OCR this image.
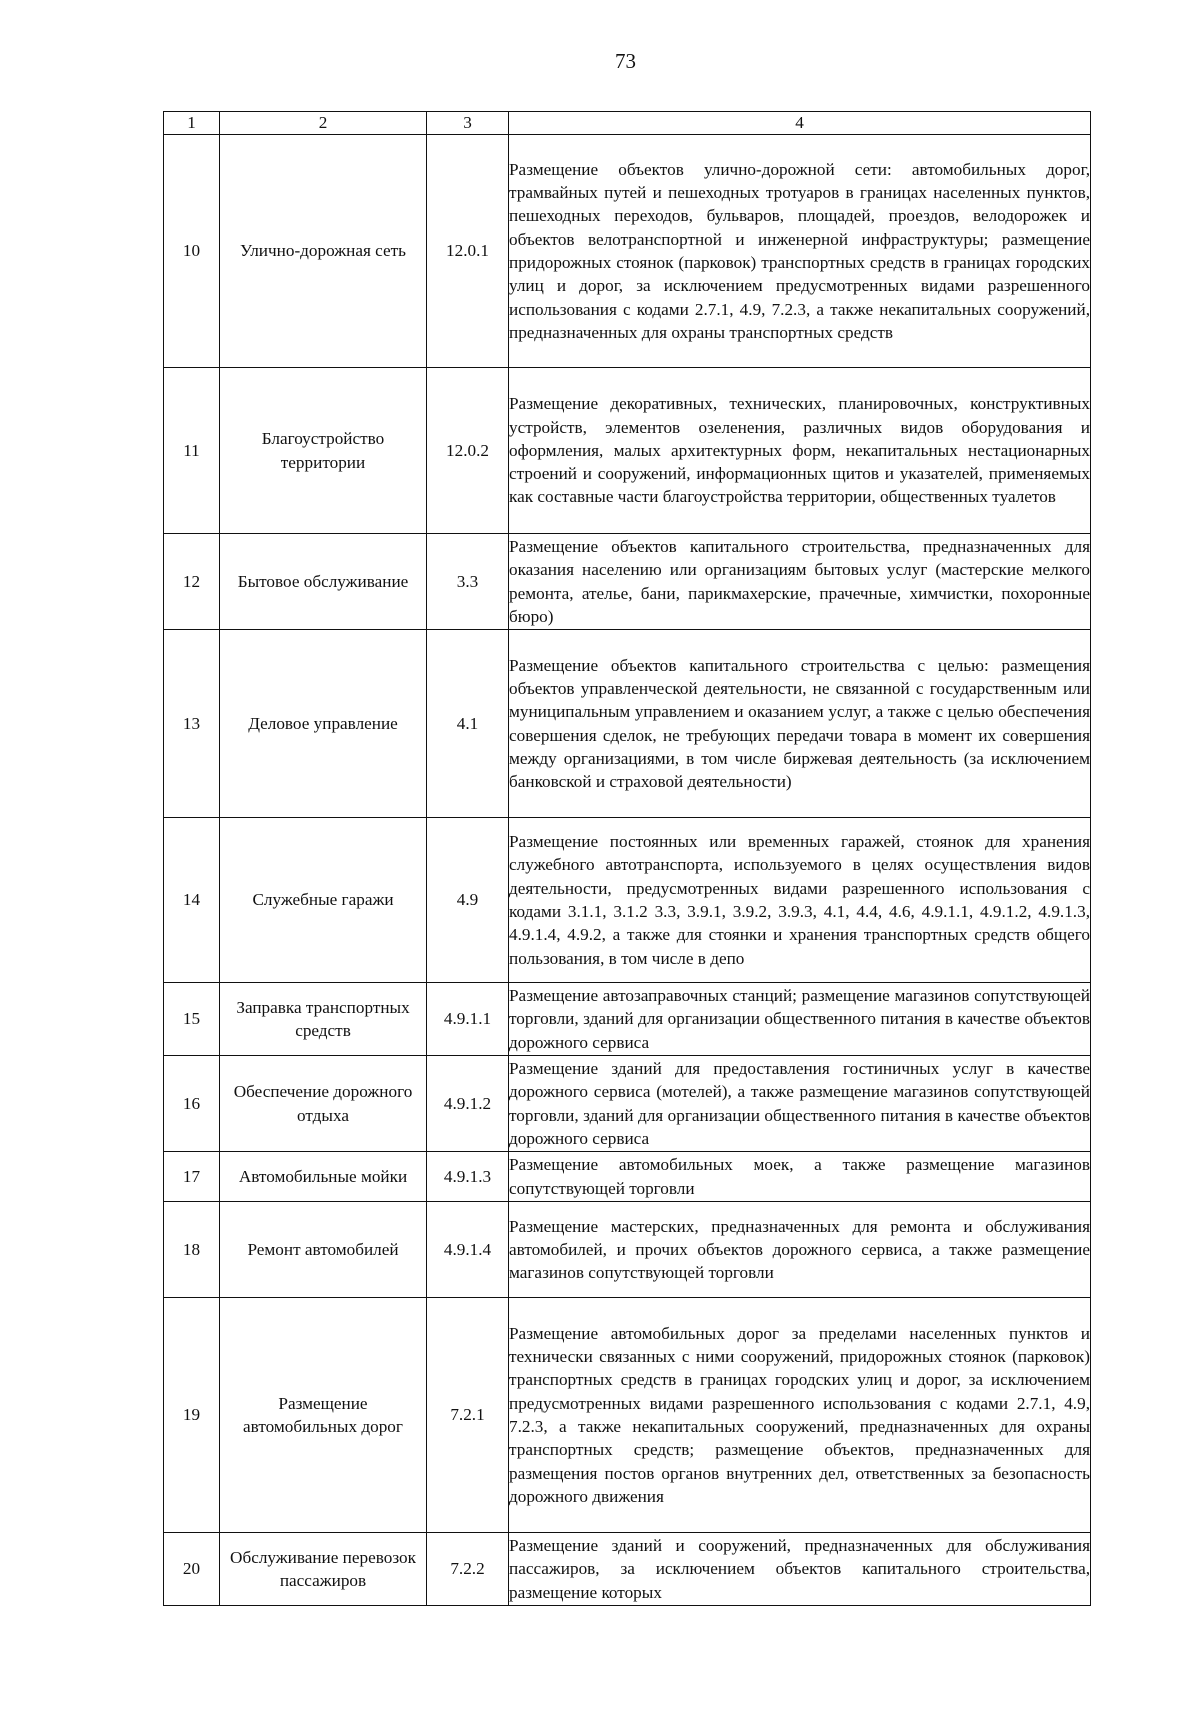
73
1	2	3	4
10	Улично-дорожная сеть	12.0.1	Размещение объектов улично-дорожной сети: автомобильных дорог, трамвайных путей и пешеходных тротуаров в границах населенных пунктов, пешеходных переходов, бульваров, площадей, проездов, велодорожек и объектов велотранспортной и инженерной инфраструктуры; размещение придорожных стоянок (парковок) транспортных средств в границах городских улиц и дорог, за исключением предусмотренных видами разрешенного использования с кодами 2.7.1, 4.9, 7.2.3, а также некапитальных сооружений, предназначенных для охраны транспортных средств
11	Благоустройство территории	12.0.2	Размещение декоративных, технических, планировочных, конструктивных устройств, элементов озеленения, различных видов оборудования и оформления, малых архитектурных форм, некапитальных нестационарных строений и сооружений, информационных щитов и указателей, применяемых как составные части благоустройства территории, общественных туалетов
12	Бытовое обслуживание	3.3	Размещение объектов капитального строительства, предназначенных для оказания населению или организациям бытовых услуг (мастерские мелкого ремонта, ателье, бани, парикмахерские, прачечные, химчистки, похоронные бюро)
13	Деловое управление	4.1	Размещение объектов капитального строительства с целью: размещения объектов управленческой деятельности, не связанной с государственным или муниципальным управлением и оказанием услуг, а также с целью обеспечения совершения сделок, не требующих передачи товара в момент их совершения между организациями, в том числе биржевая деятельность (за исключением банковской и страховой деятельности)
14	Служебные гаражи	4.9	Размещение постоянных или временных гаражей, стоянок для хранения служебного автотранспорта, используемого в целях осуществления видов деятельности, предусмотренных видами разрешенного использования с кодами 3.1.1, 3.1.2 3.3, 3.9.1, 3.9.2, 3.9.3, 4.1, 4.4, 4.6, 4.9.1.1, 4.9.1.2, 4.9.1.3, 4.9.1.4, 4.9.2, а также для стоянки и хранения транспортных средств общего пользования, в том числе в депо
15	Заправка транспортных средств	4.9.1.1	Размещение автозаправочных станций; размещение магазинов сопутствующей торговли, зданий для организации общественного питания в качестве объектов дорожного сервиса
16	Обеспечение дорожного отдыха	4.9.1.2	Размещение зданий для предоставления гостиничных услуг в качестве дорожного сервиса (мотелей), а также размещение магазинов сопутствующей торговли, зданий для организации общественного питания в качестве объектов дорожного сервиса
17	Автомобильные мойки	4.9.1.3	Размещение автомобильных моек, а также размещение магазинов сопутствующей торговли
18	Ремонт автомобилей	4.9.1.4	Размещение мастерских, предназначенных для ремонта и обслуживания автомобилей, и прочих объектов дорожного сервиса, а также размещение магазинов сопутствующей торговли
19	Размещение автомобильных дорог	7.2.1	Размещение автомобильных дорог за пределами населенных пунктов и технически связанных с ними сооружений, придорожных стоянок (парковок) транспортных средств в границах городских улиц и дорог, за исключением предусмотренных видами разрешенного использования с кодами 2.7.1, 4.9, 7.2.3, а также некапитальных сооружений, предназначенных для охраны транспортных средств; размещение объектов, предназначенных для размещения постов органов внутренних дел, ответственных за безопасность дорожного движения
20	Обслуживание перевозок пассажиров	7.2.2	Размещение зданий и сооружений, предназначенных для обслуживания пассажиров, за исключением объектов капитального строительства, размещение которых
